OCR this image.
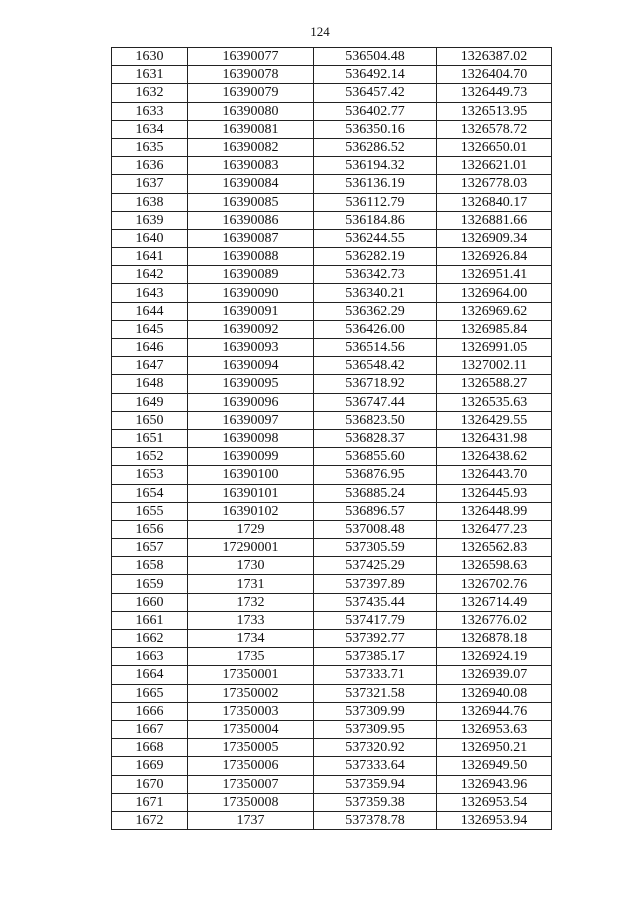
124
1630	16390077	536504.48	1326387.02
1631	16390078	536492.14	1326404.70
1632	16390079	536457.42	1326449.73
1633	16390080	536402.77	1326513.95
1634	16390081	536350.16	1326578.72
1635	16390082	536286.52	1326650.01
1636	16390083	536194.32	1326621.01
1637	16390084	536136.19	1326778.03
1638	16390085	536112.79	1326840.17
1639	16390086	536184.86	1326881.66
1640	16390087	536244.55	1326909.34
1641	16390088	536282.19	1326926.84
1642	16390089	536342.73	1326951.41
1643	16390090	536340.21	1326964.00
1644	16390091	536362.29	1326969.62
1645	16390092	536426.00	1326985.84
1646	16390093	536514.56	1326991.05
1647	16390094	536548.42	1327002.11
1648	16390095	536718.92	1326588.27
1649	16390096	536747.44	1326535.63
1650	16390097	536823.50	1326429.55
1651	16390098	536828.37	1326431.98
1652	16390099	536855.60	1326438.62
1653	16390100	536876.95	1326443.70
1654	16390101	536885.24	1326445.93
1655	16390102	536896.57	1326448.99
1656	1729	537008.48	1326477.23
1657	17290001	537305.59	1326562.83
1658	1730	537425.29	1326598.63
1659	1731	537397.89	1326702.76
1660	1732	537435.44	1326714.49
1661	1733	537417.79	1326776.02
1662	1734	537392.77	1326878.18
1663	1735	537385.17	1326924.19
1664	17350001	537333.71	1326939.07
1665	17350002	537321.58	1326940.08
1666	17350003	537309.99	1326944.76
1667	17350004	537309.95	1326953.63
1668	17350005	537320.92	1326950.21
1669	17350006	537333.64	1326949.50
1670	17350007	537359.94	1326943.96
1671	17350008	537359.38	1326953.54
1672	1737	537378.78	1326953.94
